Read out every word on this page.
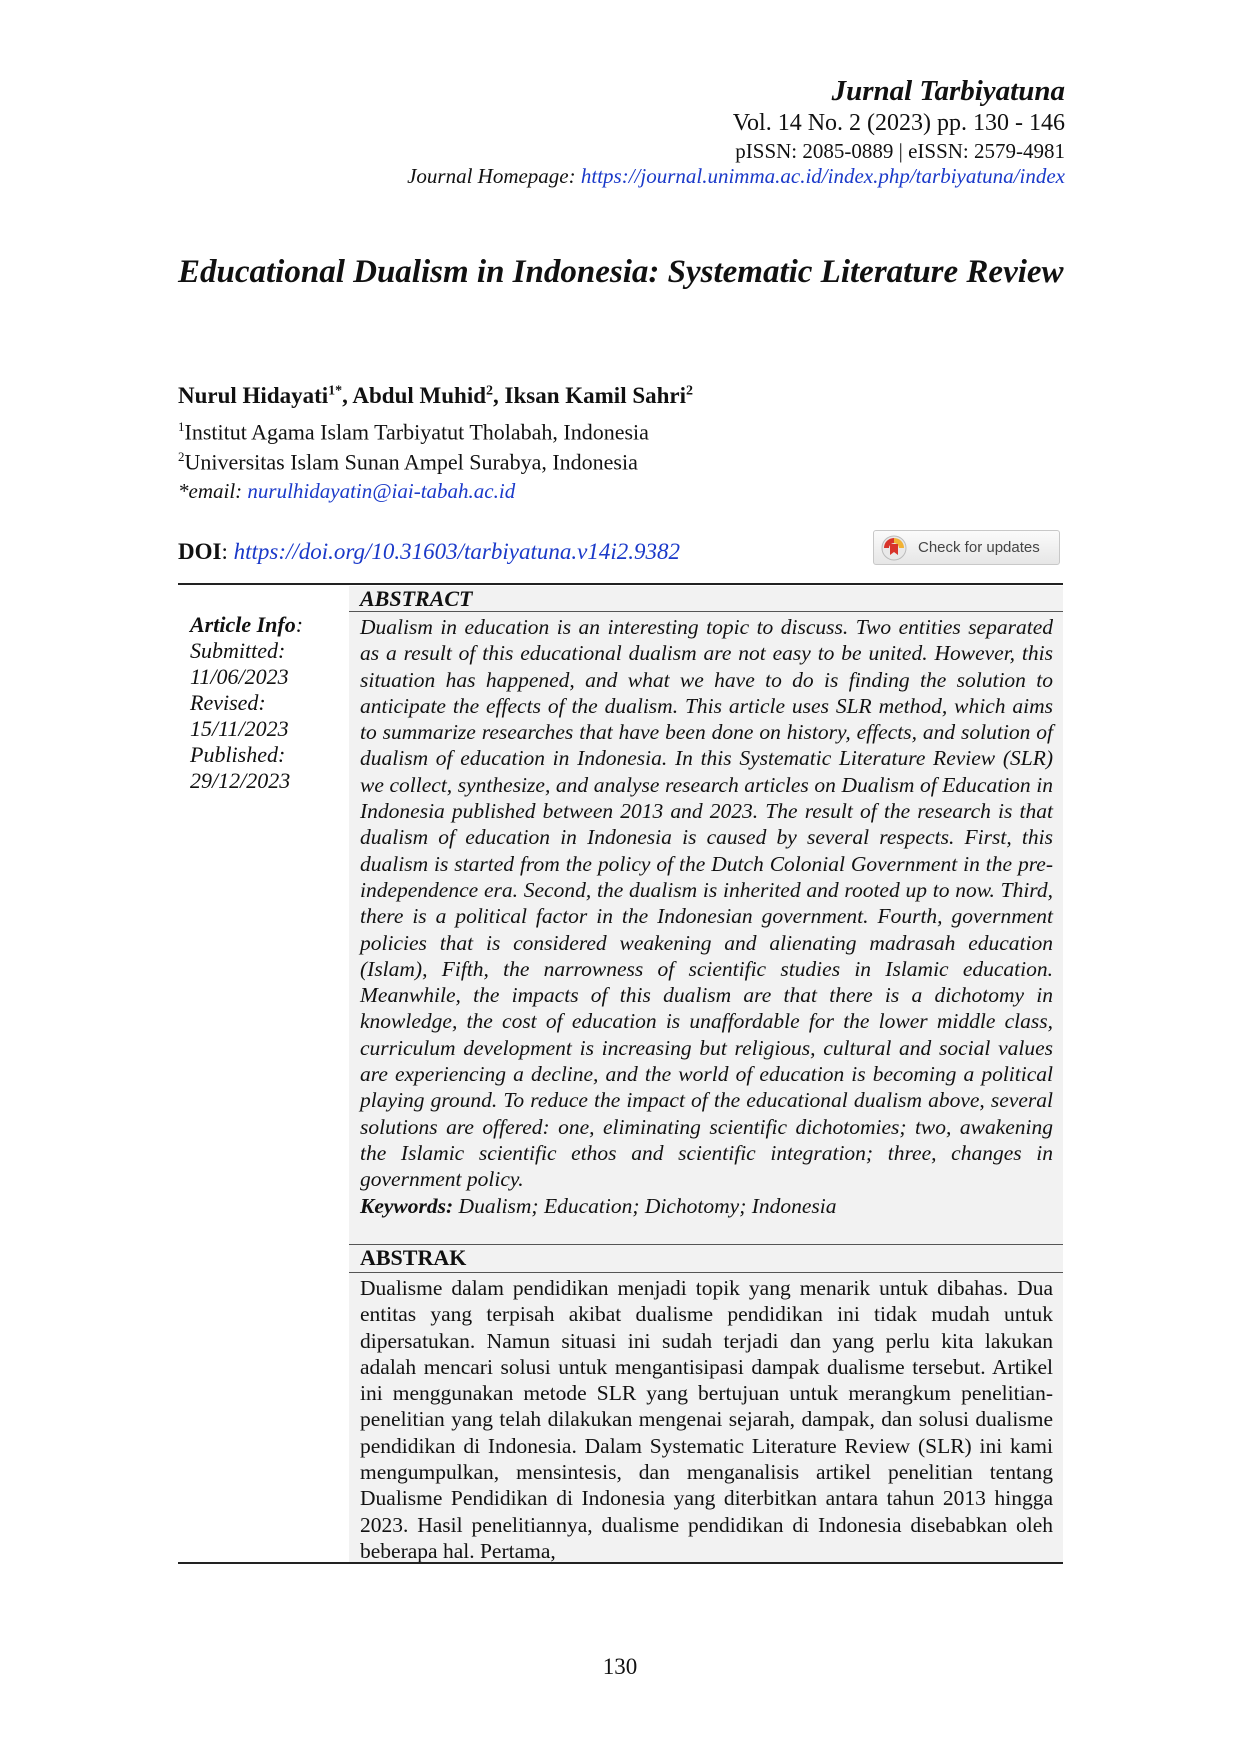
Jurnal Tarbiyatuna
Vol. 14 No. 2 (2023) pp. 130 - 146
pISSN: 2085-0889 | eISSN: 2579-4981
Journal Homepage: https://journal.unimma.ac.id/index.php/tarbiyatuna/index
Educational Dualism in Indonesia: Systematic Literature Review
Nurul Hidayati$^{1*}$, Abdul Muhid$^2$, Iksan Kamil Sahri$^2$
$^1$Institut Agama Islam Tarbiyatut Tholabah, Indonesia
$^2$Universitas Islam Sunan Ampel Surabya, Indonesia
*email: nurulhidayatin@iai-tabah.ac.id
DOI: https://doi.org/10.31603/tarbiyatuna.v14i2.9382	Check for updates
Article Info:
Submitted:
11/06/2023
Revised:
15/11/2023
Published:
29/12/2023
ABSTRACT
Dualism in education is an interesting topic to discuss. Two entities separated as a result of this educational dualism are not easy to be united. However, this situation has happened, and what we have to do is finding the solution to anticipate the effects of the dualism. This article uses SLR method, which aims to summarize researches that have been done on history, effects, and solution of dualism of education in Indonesia. In this Systematic Literature Review (SLR) we collect, synthesize, and analyse research articles on Dualism of Education in Indonesia published between 2013 and 2023. The result of the research is that dualism of education in Indonesia is caused by several respects. First, this dualism is started from the policy of the Dutch Colonial Government in the pre-independence era. Second, the dualism is inherited and rooted up to now. Third, there is a political factor in the Indonesian government. Fourth, government policies that is considered weakening and alienating madrasah education (Islam), Fifth, the narrowness of scientific studies in Islamic education. Meanwhile, the impacts of this dualism are that there is a dichotomy in knowledge, the cost of education is unaffordable for the lower middle class, curriculum development is increasing but religious, cultural and social values are experiencing a decline, and the world of education is becoming a political playing ground. To reduce the impact of the educational dualism above, several solutions are offered: one, eliminating scientific dichotomies; two, awakening the Islamic scientific ethos and scientific integration; three, changes in government policy.
Keywords: Dualism; Education; Dichotomy; Indonesia
ABSTRAK
Dualisme dalam pendidikan menjadi topik yang menarik untuk dibahas. Dua entitas yang terpisah akibat dualisme pendidikan ini tidak mudah untuk dipersatukan. Namun situasi ini sudah terjadi dan yang perlu kita lakukan adalah mencari solusi untuk mengantisipasi dampak dualisme tersebut. Artikel ini menggunakan metode SLR yang bertujuan untuk merangkum penelitian-penelitian yang telah dilakukan mengenai sejarah, dampak, dan solusi dualisme pendidikan di Indonesia. Dalam Systematic Literature Review (SLR) ini kami mengumpulkan, mensintesis, dan menganalisis artikel penelitian tentang Dualisme Pendidikan di Indonesia yang diterbitkan antara tahun 2013 hingga 2023. Hasil penelitiannya, dualisme pendidikan di Indonesia disebabkan oleh beberapa hal. Pertama,
130
